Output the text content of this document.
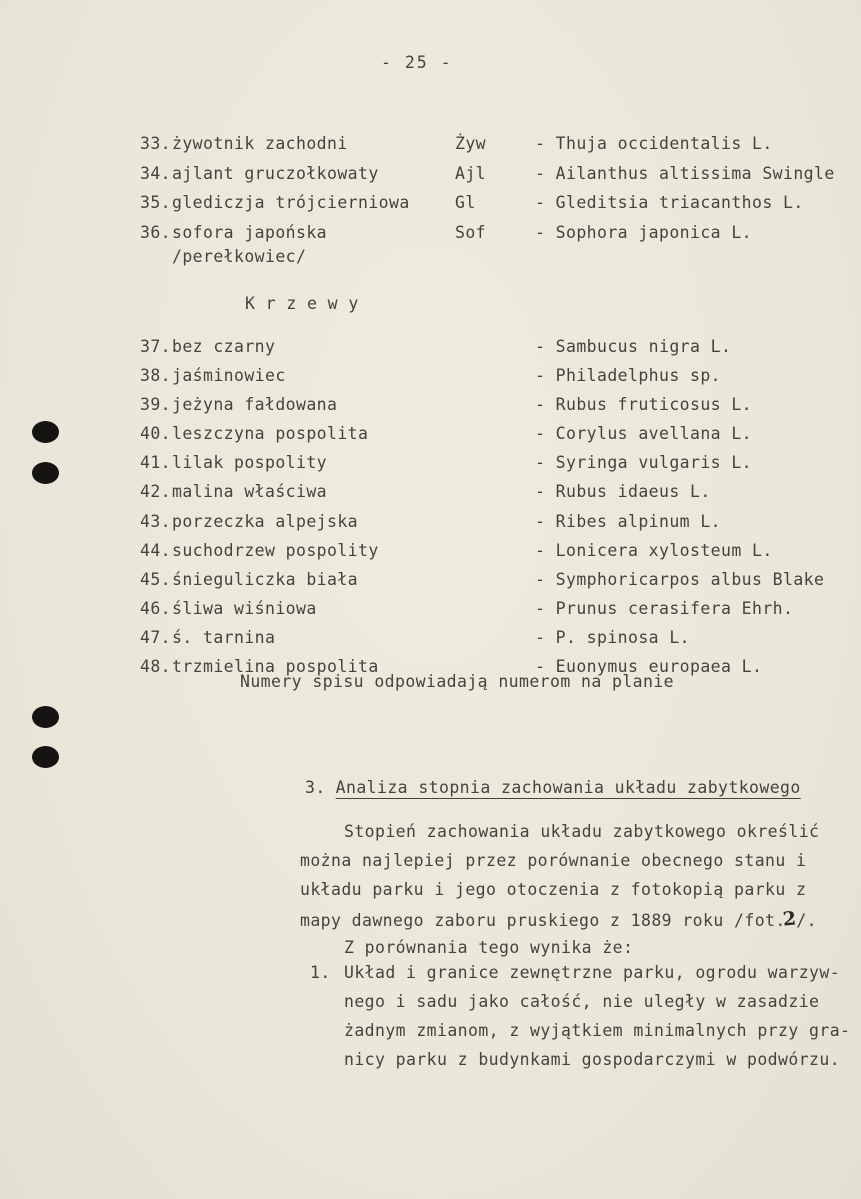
- 25 -
33. żywotnik zachodni	Żyw	- Thuja occidentalis L.
34. ajlant gruczołkowaty	Ajl	- Ailanthus altissima Swingle
35. glediczja trójcierniowa	Gl	- Gleditsia triacanthos L.
36. sofora japońska	Sof	- Sophora japonica L.
/perełkowiec/
K r z e w y
37. bez czarny	- Sambucus nigra L.
38. jaśminowiec	- Philadelphus sp.
39. jeżyna fałdowana	- Rubus fruticosus L.
40. leszczyna pospolita	- Corylus avellana L.
41. lilak pospolity	- Syringa vulgaris L.
42. malina właściwa	- Rubus idaeus L.
43. porzeczka alpejska	- Ribes alpinum L.
44. suchodrzew pospolity	- Lonicera xylosteum L.
45. śnieguliczka biała	- Symphoricarpos albus Blake
46. śliwa wiśniowa	- Prunus cerasifera Ehrh.
47. ś. tarnina	- P. spinosa L.
48. trzmielina pospolita	- Euonymus europaea L.
Numery spisu odpowiadają numerom na planie
3. Analiza stopnia zachowania układu zabytkowego
Stopień zachowania układu zabytkowego określić
można najlepiej przez porównanie obecnego stanu i
układu parku i jego otoczenia z fotokopią parku z
mapy dawnego zaboru pruskiego z 1889 roku /fot.2/.
Z porównania tego wynika że:
1. Układ i granice zewnętrzne parku, ogrodu warzyw-
nego i sadu jako całość, nie uległy w zasadzie
żadnym zmianom, z wyjątkiem minimalnych przy gra-
nicy parku z budynkami gospodarczymi w podwórzu.
